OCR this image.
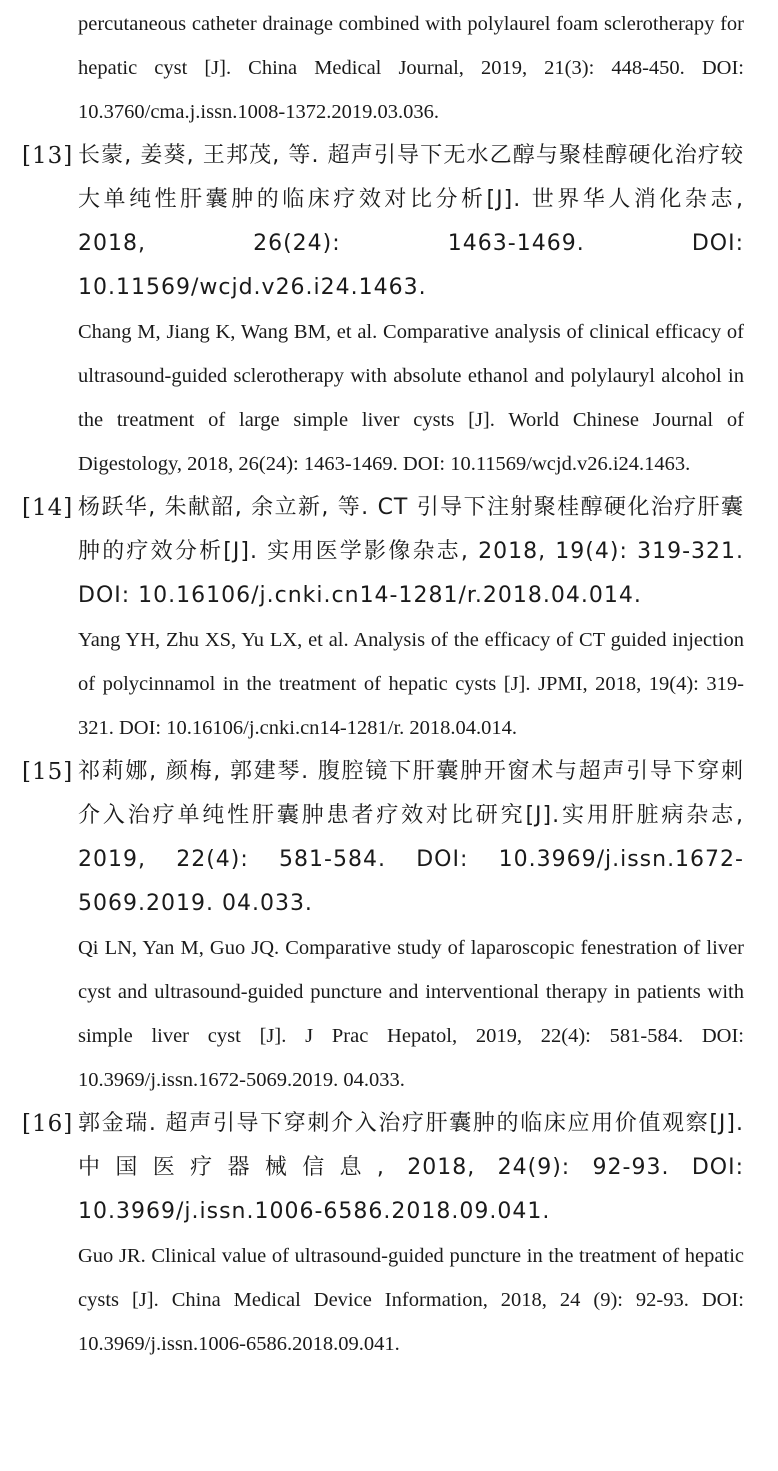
percutaneous catheter drainage combined with polylaurel foam sclerotherapy for hepatic cyst [J]. China Medical Journal, 2019, 21(3): 448-450. DOI: 10.3760/cma.j.issn.1008-1372.2019.03.036.
[13] 长蒙, 姜葵, 王邦茂, 等. 超声引导下无水乙醇与聚桂醇硬化治疗较大单纯性肝囊肿的临床疗效对比分析[J]. 世界华人消化杂志, 2018, 26(24): 1463-1469. DOI: 10.11569/wcjd.v26.i24.1463.
Chang M, Jiang K, Wang BM, et al. Comparative analysis of clinical efficacy of ultrasound-guided sclerotherapy with absolute ethanol and polylauryl alcohol in the treatment of large simple liver cysts [J]. World Chinese Journal of Digestology, 2018, 26(24): 1463-1469. DOI: 10.11569/wcjd.v26.i24.1463.
[14] 杨跃华, 朱献韶, 余立新, 等. CT 引导下注射聚桂醇硬化治疗肝囊肿的疗效分析[J]. 实用医学影像杂志, 2018, 19(4): 319-321. DOI: 10.16106/j.cnki.cn14-1281/r.2018.04.014.
Yang YH, Zhu XS, Yu LX, et al. Analysis of the efficacy of CT guided injection of polycinnamol in the treatment of hepatic cysts [J]. JPMI, 2018, 19(4): 319-321. DOI: 10.16106/j.cnki.cn14-1281/r. 2018.04.014.
[15] 祁莉娜, 颜梅, 郭建琴. 腹腔镜下肝囊肿开窗术与超声引导下穿刺介入治疗单纯性肝囊肿患者疗效对比研究[J].实用肝脏病杂志, 2019, 22(4): 581-584. DOI: 10.3969/j.issn.1672-5069.2019. 04.033.
Qi LN, Yan M, Guo JQ. Comparative study of laparoscopic fenestration of liver cyst and ultrasound-guided puncture and interventional therapy in patients with simple liver cyst [J]. J Prac Hepatol, 2019, 22(4): 581-584. DOI: 10.3969/j.issn.1672-5069.2019. 04.033.
[16] 郭金瑞. 超声引导下穿刺介入治疗肝囊肿的临床应用价值观察[J]. 中国医疗器械信息, 2018, 24(9): 92-93. DOI: 10.3969/j.issn.1006-6586.2018.09.041.
Guo JR. Clinical value of ultrasound-guided puncture in the treatment of hepatic cysts [J]. China Medical Device Information, 2018, 24 (9): 92-93. DOI: 10.3969/j.issn.1006-6586.2018.09.041.
